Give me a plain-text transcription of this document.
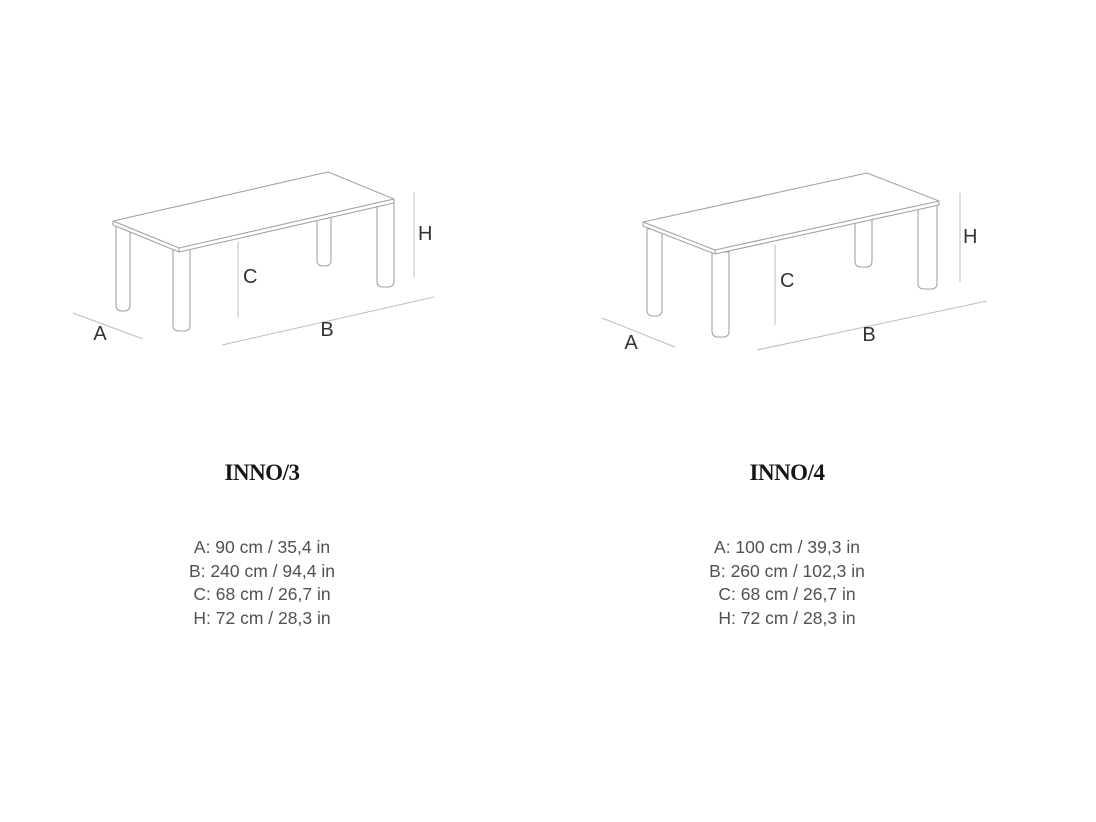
A	B
C
H
A	B
C
H
INNO/3
A: 90 cm / 35,4 in
B: 240 cm / 94,4 in
C: 68 cm / 26,7 in
H: 72 cm / 28,3 in
INNO/4
A: 100 cm / 39,3 in
B: 260 cm / 102,3 in
C: 68 cm / 26,7 in
H: 72 cm / 28,3 in
